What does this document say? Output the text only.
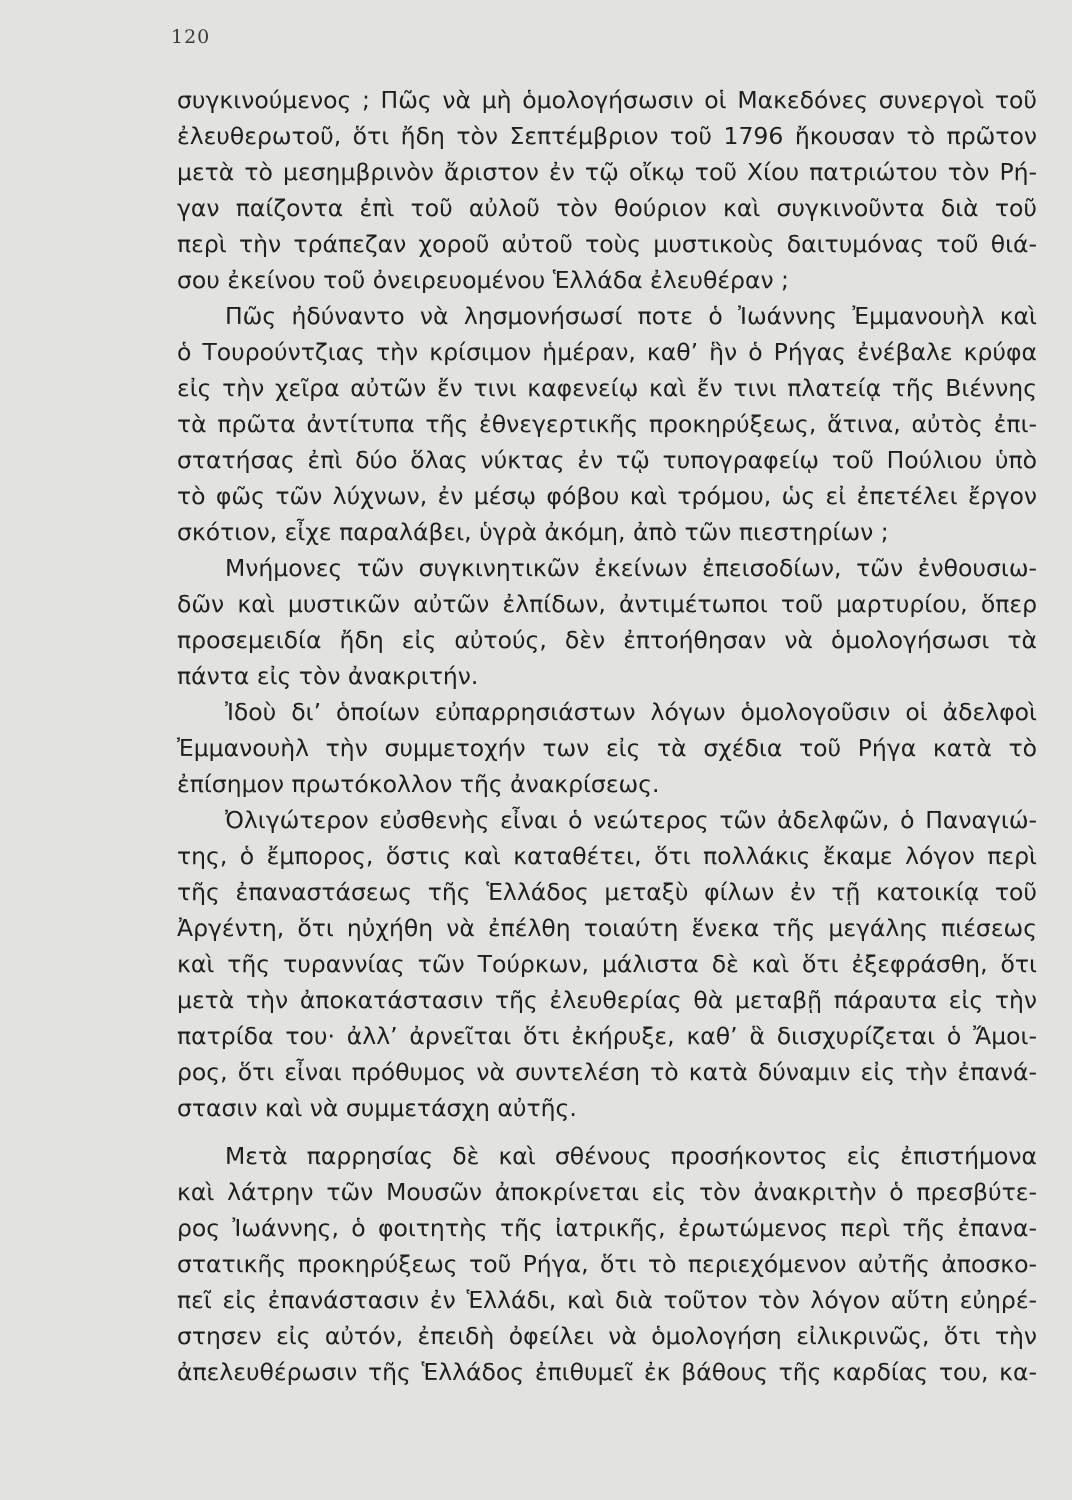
120
συγκινούμενος ; Πῶς νὰ μὴ ὁμολογήσωσιν οἱ Μακεδόνες συνεργοὶ τοῦ
ἐλευθερωτοῦ, ὅτι ἤδη τὸν Σεπτέμβριον τοῦ 1796 ἤκουσαν τὸ πρῶτον
μετὰ τὸ μεσημβρινὸν ἄριστον ἐν τῷ οἴκῳ τοῦ Χίου πατριώτου τὸν Ρή-
γαν παίζοντα ἐπὶ τοῦ αὐλοῦ τὸν θούριον καὶ συγκινοῦντα διὰ τοῦ
περὶ τὴν τράπεζαν χοροῦ αὐτοῦ τοὺς μυστικοὺς δαιτυμόνας τοῦ θιά-
σου ἐκείνου τοῦ ὀνειρευομένου Ἑλλάδα ἐλευθέραν ;
Πῶς ἠδύναντο νὰ λησμονήσωσί ποτε ὁ Ἰωάννης Ἐμμανουὴλ καὶ
ὁ Τουρούντζιας τὴν κρίσιμον ἡμέραν, καθ’ ἣν ὁ Ρήγας ἐνέβαλε κρύφα
εἰς τὴν χεῖρα αὐτῶν ἔν τινι καφενείῳ καὶ ἔν τινι πλατείᾳ τῆς Βιέννης
τὰ πρῶτα ἀντίτυπα τῆς ἐθνεγερτικῆς προκηρύξεως, ἅτινα, αὐτὸς ἐπι-
στατήσας ἐπὶ δύο ὅλας νύκτας ἐν τῷ τυπογραφείῳ τοῦ Πούλιου ὑπὸ
τὸ φῶς τῶν λύχνων, ἐν μέσῳ φόβου καὶ τρόμου, ὡς εἰ ἐπετέλει ἔργον
σκότιον, εἶχε παραλάβει, ὑγρὰ ἀκόμη, ἀπὸ τῶν πιεστηρίων ;
Μνήμονες τῶν συγκινητικῶν ἐκείνων ἐπεισοδίων, τῶν ἐνθουσιω-
δῶν καὶ μυστικῶν αὐτῶν ἐλπίδων, ἀντιμέτωποι τοῦ μαρτυρίου, ὅπερ
προσεμειδία ἤδη εἰς αὐτούς, δὲν ἐπτοήθησαν νὰ ὁμολογήσωσι τὰ
πάντα εἰς τὸν ἀνακριτήν.
Ἰδοὺ δι’ ὁποίων εὐπαρρησιάστων λόγων ὁμολογοῦσιν οἱ ἀδελφοὶ
Ἐμμανουὴλ τὴν συμμετοχήν των εἰς τὰ σχέδια τοῦ Ρήγα κατὰ τὸ
ἐπίσημον πρωτόκολλον τῆς ἀνακρίσεως.
Ὀλιγώτερον εὐσθενὴς εἶναι ὁ νεώτερος τῶν ἀδελφῶν, ὁ Παναγιώ-
της, ὁ ἔμπορος, ὅστις καὶ καταθέτει, ὅτι πολλάκις ἔκαμε λόγον περὶ
τῆς ἐπαναστάσεως τῆς Ἑλλάδος μεταξὺ φίλων ἐν τῇ κατοικίᾳ τοῦ
Ἀργέντη, ὅτι ηὐχήθη νὰ ἐπέλθη τοιαύτη ἕνεκα τῆς μεγάλης πιέσεως
καὶ τῆς τυραννίας τῶν Τούρκων, μάλιστα δὲ καὶ ὅτι ἐξεφράσθη, ὅτι
μετὰ τὴν ἀποκατάστασιν τῆς ἐλευθερίας θὰ μεταβῇ πάραυτα εἰς τὴν
πατρίδα του· ἀλλ’ ἀρνεῖται ὅτι ἐκήρυξε, καθ’ ἃ διισχυρίζεται ὁ Ἄμοι-
ρος, ὅτι εἶναι πρόθυμος νὰ συντελέση τὸ κατὰ δύναμιν εἰς τὴν ἐπανά-
στασιν καὶ νὰ συμμετάσχη αὐτῆς.
Μετὰ παρρησίας δὲ καὶ σθένους προσήκοντος εἰς ἐπιστήμονα
καὶ λάτρην τῶν Μουσῶν ἀποκρίνεται εἰς τὸν ἀνακριτὴν ὁ πρεσβύτε-
ρος Ἰωάννης, ὁ φοιτητὴς τῆς ἰατρικῆς, ἐρωτώμενος περὶ τῆς ἐπανα-
στατικῆς προκηρύξεως τοῦ Ρήγα, ὅτι τὸ περιεχόμενον αὐτῆς ἀποσκο-
πεῖ εἰς ἐπανάστασιν ἐν Ἑλλάδι, καὶ διὰ τοῦτον τὸν λόγον αὕτη εὐηρέ-
στησεν εἰς αὐτόν, ἐπειδὴ ὀφείλει νὰ ὁμολογήση εἰλικρινῶς, ὅτι τὴν
ἀπελευθέρωσιν τῆς Ἑλλάδος ἐπιθυμεῖ ἐκ βάθους τῆς καρδίας του, κα-
